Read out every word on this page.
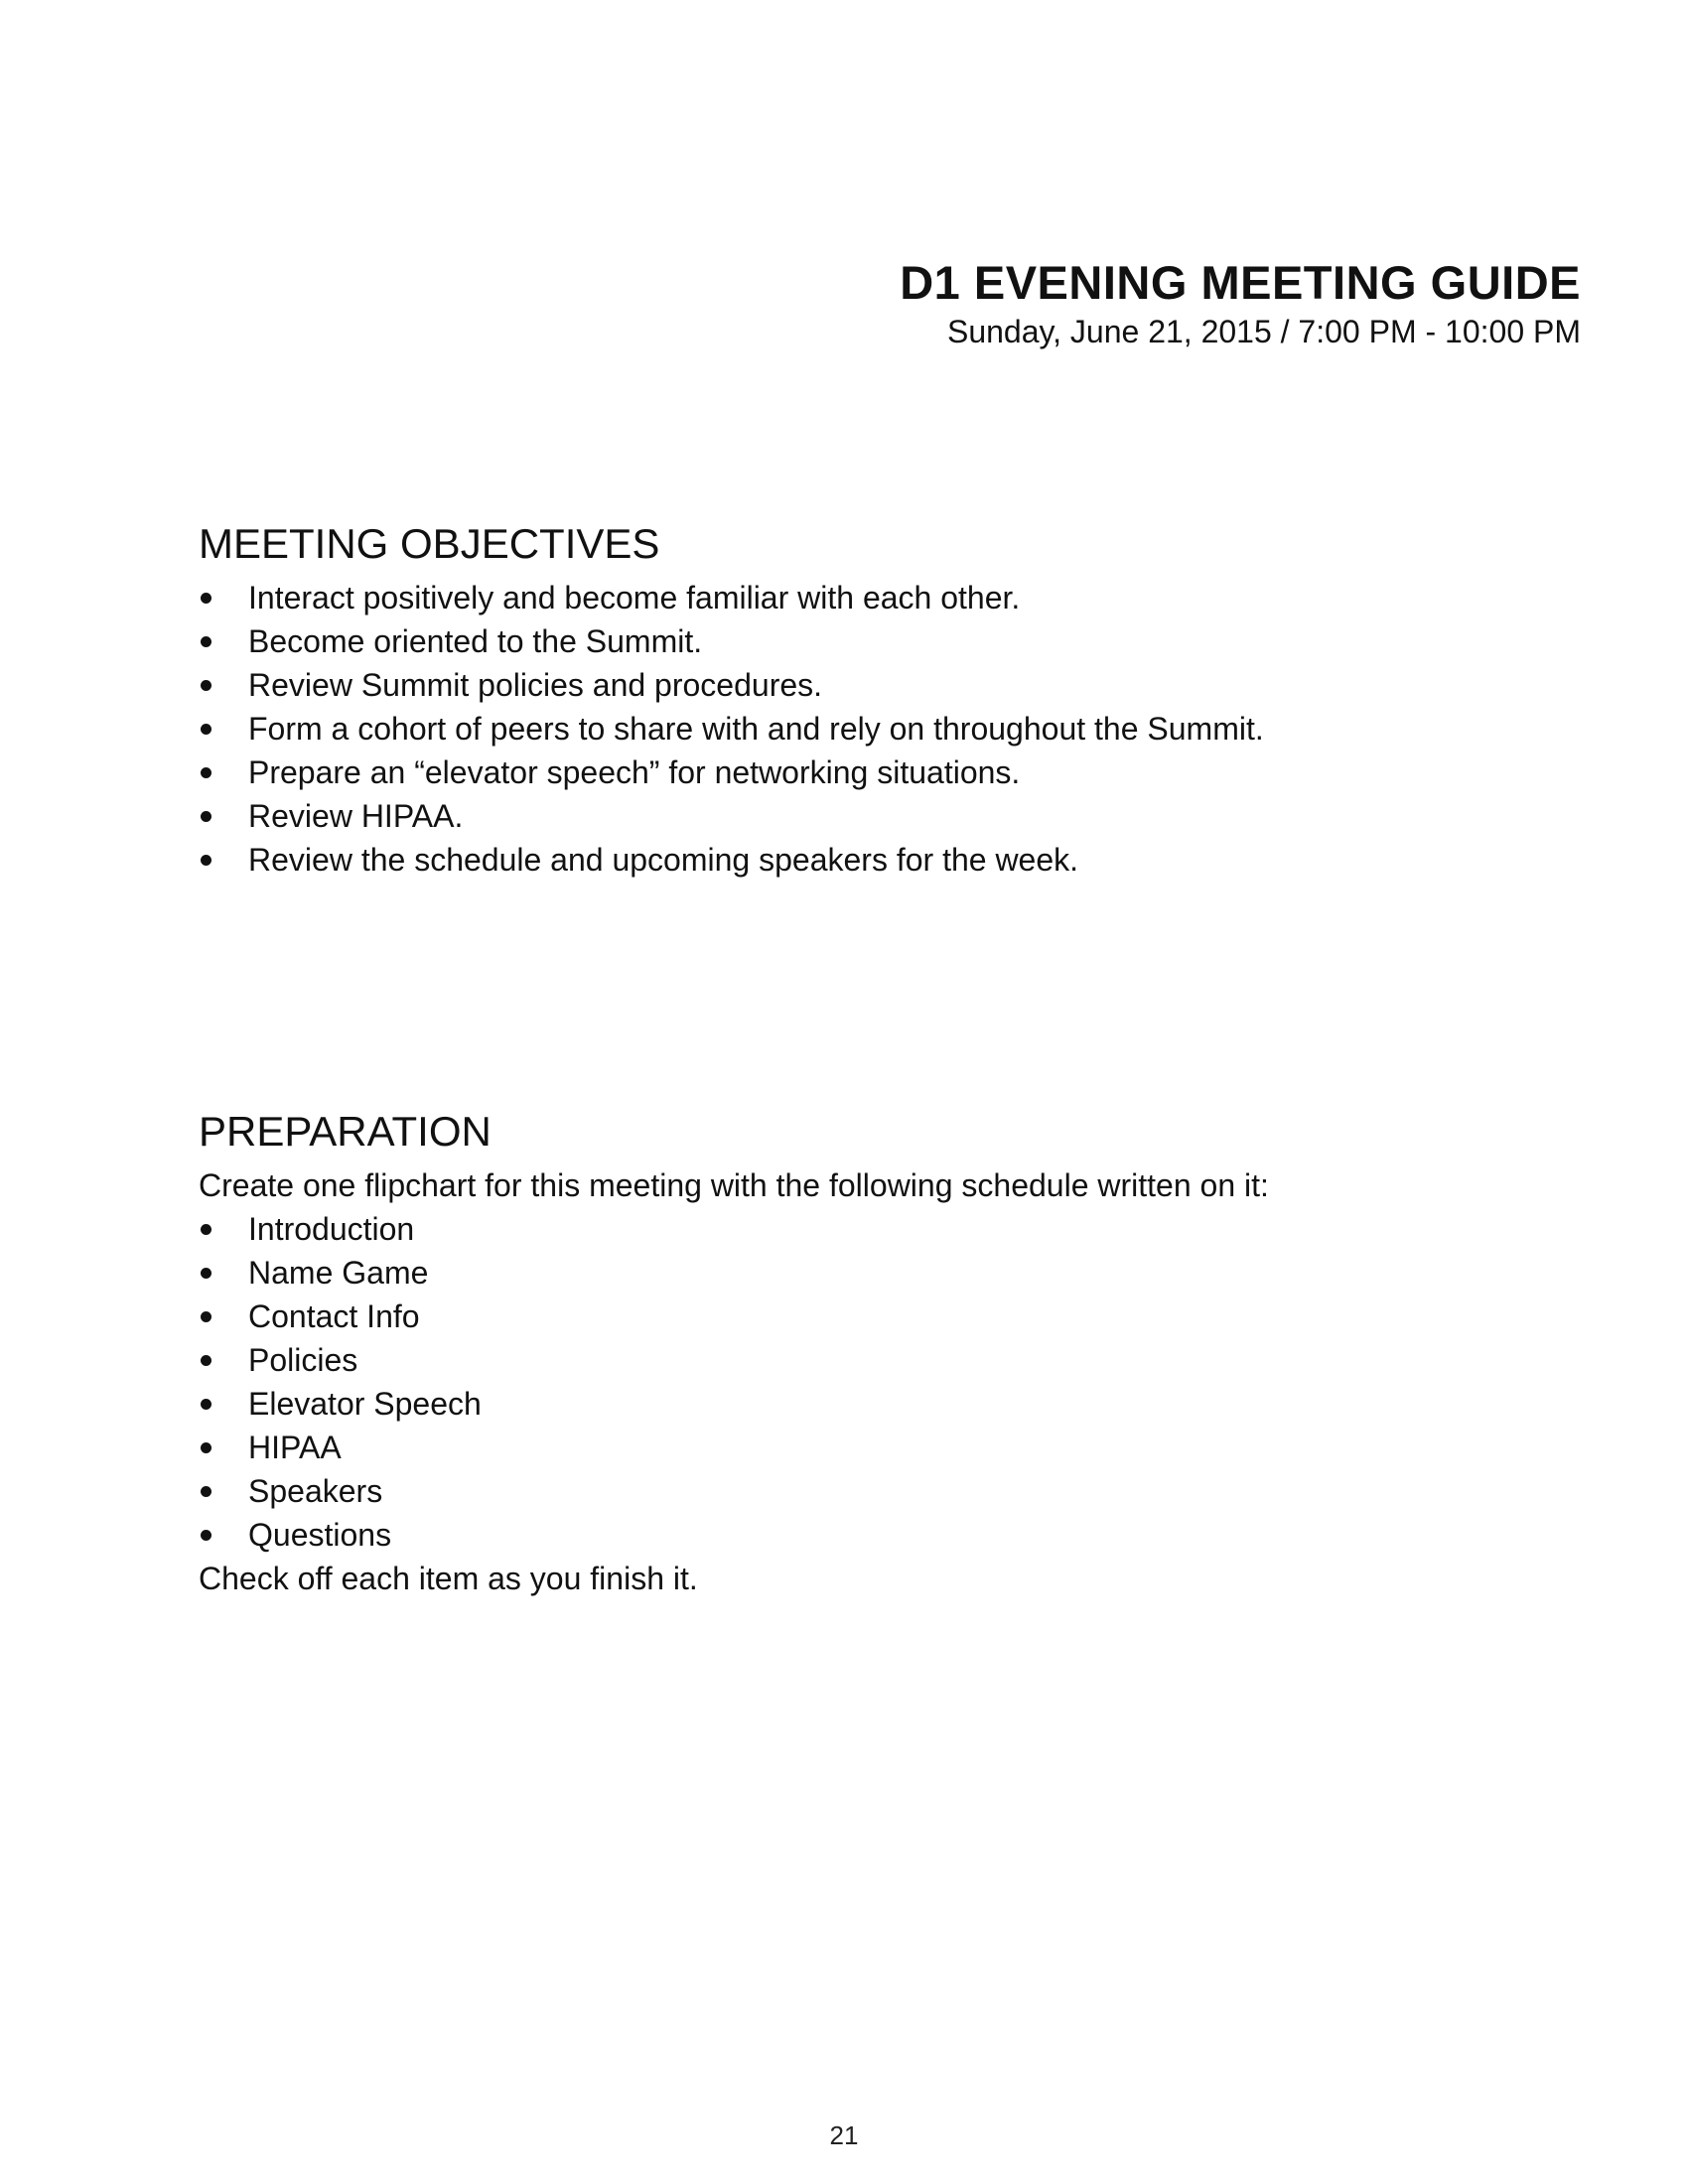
D1 EVENING MEETING GUIDE

Sunday, June 21, 2015 / 7:00 PM - 10:00 PM

MEETING OBJECTIVES
Interact positively and become familiar with each other.
Become oriented to the Summit.
Review Summit policies and procedures.
Form a cohort of peers to share with and rely on throughout the Summit.
Prepare an “elevator speech” for networking situations.
Review HIPAA.
Review the schedule and upcoming speakers for the week.
PREPARATION

Create one flipchart for this meeting with the following schedule written on it:

Introduction
Name Game
Contact Info
Policies
Elevator Speech
HIPAA
Speakers
Questions

Check off each item as you finish it.

21
